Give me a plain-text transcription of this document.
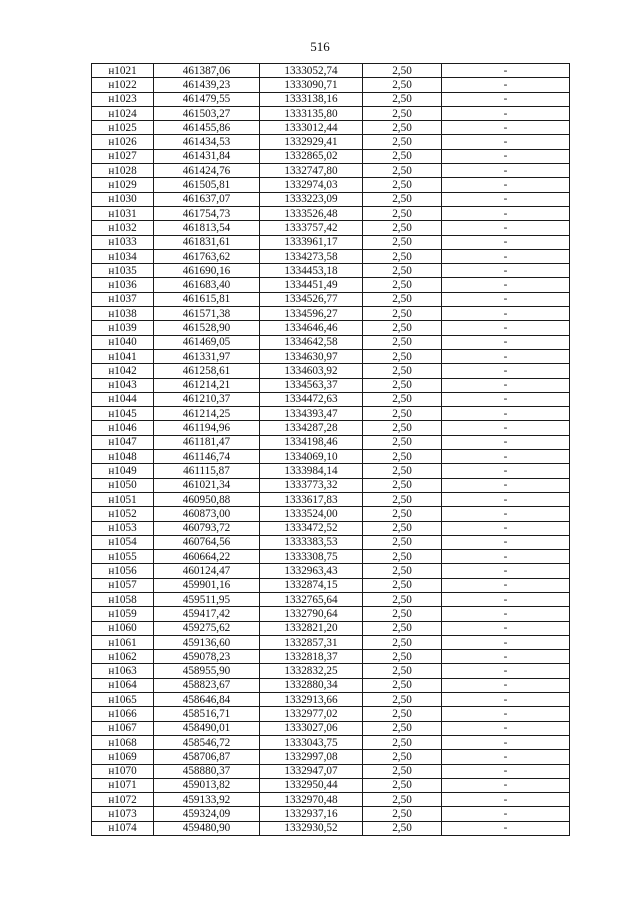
516
н1021	461387,06	1333052,74	2,50	-
н1022	461439,23	1333090,71	2,50	-
н1023	461479,55	1333138,16	2,50	-
н1024	461503,27	1333135,80	2,50	-
н1025	461455,86	1333012,44	2,50	-
н1026	461434,53	1332929,41	2,50	-
н1027	461431,84	1332865,02	2,50	-
н1028	461424,76	1332747,80	2,50	-
н1029	461505,81	1332974,03	2,50	-
н1030	461637,07	1333223,09	2,50	-
н1031	461754,73	1333526,48	2,50	-
н1032	461813,54	1333757,42	2,50	-
н1033	461831,61	1333961,17	2,50	-
н1034	461763,62	1334273,58	2,50	-
н1035	461690,16	1334453,18	2,50	-
н1036	461683,40	1334451,49	2,50	-
н1037	461615,81	1334526,77	2,50	-
н1038	461571,38	1334596,27	2,50	-
н1039	461528,90	1334646,46	2,50	-
н1040	461469,05	1334642,58	2,50	-
н1041	461331,97	1334630,97	2,50	-
н1042	461258,61	1334603,92	2,50	-
н1043	461214,21	1334563,37	2,50	-
н1044	461210,37	1334472,63	2,50	-
н1045	461214,25	1334393,47	2,50	-
н1046	461194,96	1334287,28	2,50	-
н1047	461181,47	1334198,46	2,50	-
н1048	461146,74	1334069,10	2,50	-
н1049	461115,87	1333984,14	2,50	-
н1050	461021,34	1333773,32	2,50	-
н1051	460950,88	1333617,83	2,50	-
н1052	460873,00	1333524,00	2,50	-
н1053	460793,72	1333472,52	2,50	-
н1054	460764,56	1333383,53	2,50	-
н1055	460664,22	1333308,75	2,50	-
н1056	460124,47	1332963,43	2,50	-
н1057	459901,16	1332874,15	2,50	-
н1058	459511,95	1332765,64	2,50	-
н1059	459417,42	1332790,64	2,50	-
н1060	459275,62	1332821,20	2,50	-
н1061	459136,60	1332857,31	2,50	-
н1062	459078,23	1332818,37	2,50	-
н1063	458955,90	1332832,25	2,50	-
н1064	458823,67	1332880,34	2,50	-
н1065	458646,84	1332913,66	2,50	-
н1066	458516,71	1332977,02	2,50	-
н1067	458490,01	1333027,06	2,50	-
н1068	458546,72	1333043,75	2,50	-
н1069	458706,87	1332997,08	2,50	-
н1070	458880,37	1332947,07	2,50	-
н1071	459013,82	1332950,44	2,50	-
н1072	459133,92	1332970,48	2,50	-
н1073	459324,09	1332937,16	2,50	-
н1074	459480,90	1332930,52	2,50	-
